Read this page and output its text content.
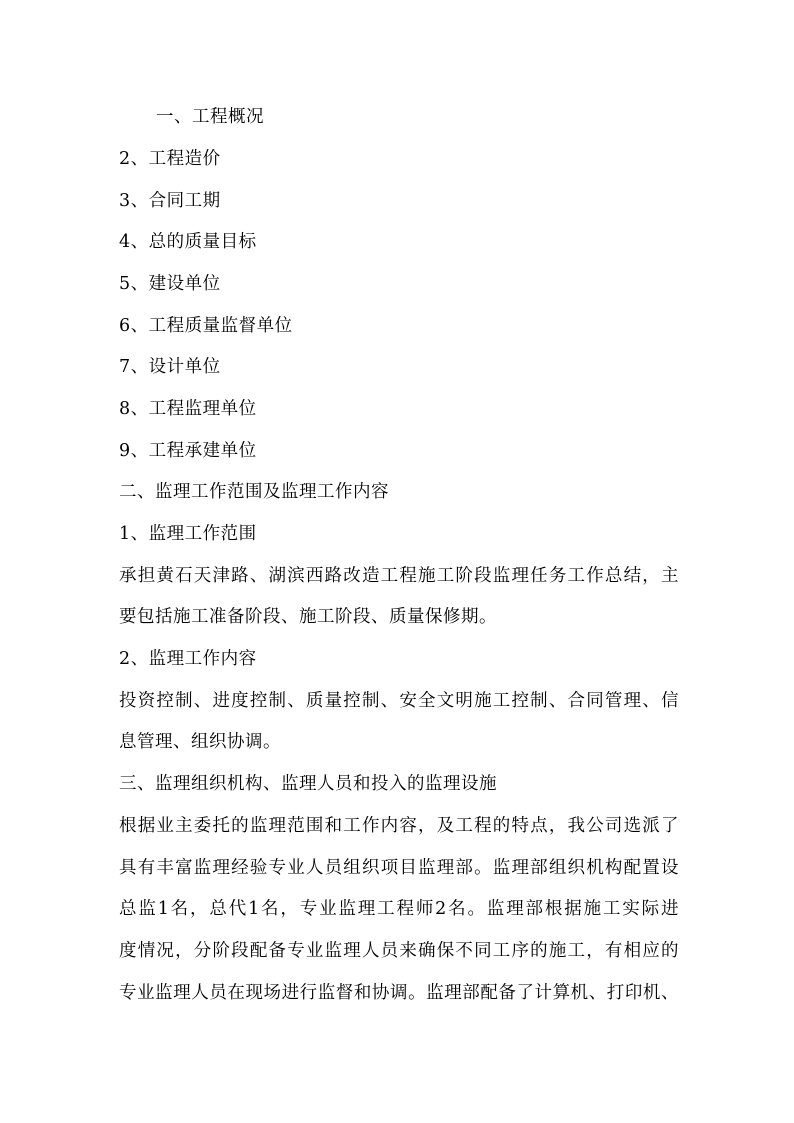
一、工程概况
2、工程造价
3、合同工期
4、总的质量目标
5、建设单位
6、工程质量监督单位
7、设计单位
8、工程监理单位
9、工程承建单位
二、监理工作范围及监理工作内容
1、监理工作范围
承担黄石天津路、湖滨西路改造工程施工阶段监理任务工作总结，主
要包括施工准备阶段、施工阶段、质量保修期。
2、监理工作内容
投资控制、进度控制、质量控制、安全文明施工控制、合同管理、信
息管理、组织协调。
三、监理组织机构、监理人员和投入的监理设施
根据业主委托的监理范围和工作内容，及工程的特点，我公司选派了
具有丰富监理经验专业人员组织项目监理部。监理部组织机构配置设
总监1名，总代1名，专业监理工程师2名。监理部根据施工实际进
度情况，分阶段配备专业监理人员来确保不同工序的施工，有相应的
专业监理人员在现场进行监督和协调。监理部配备了计算机、打印机、
